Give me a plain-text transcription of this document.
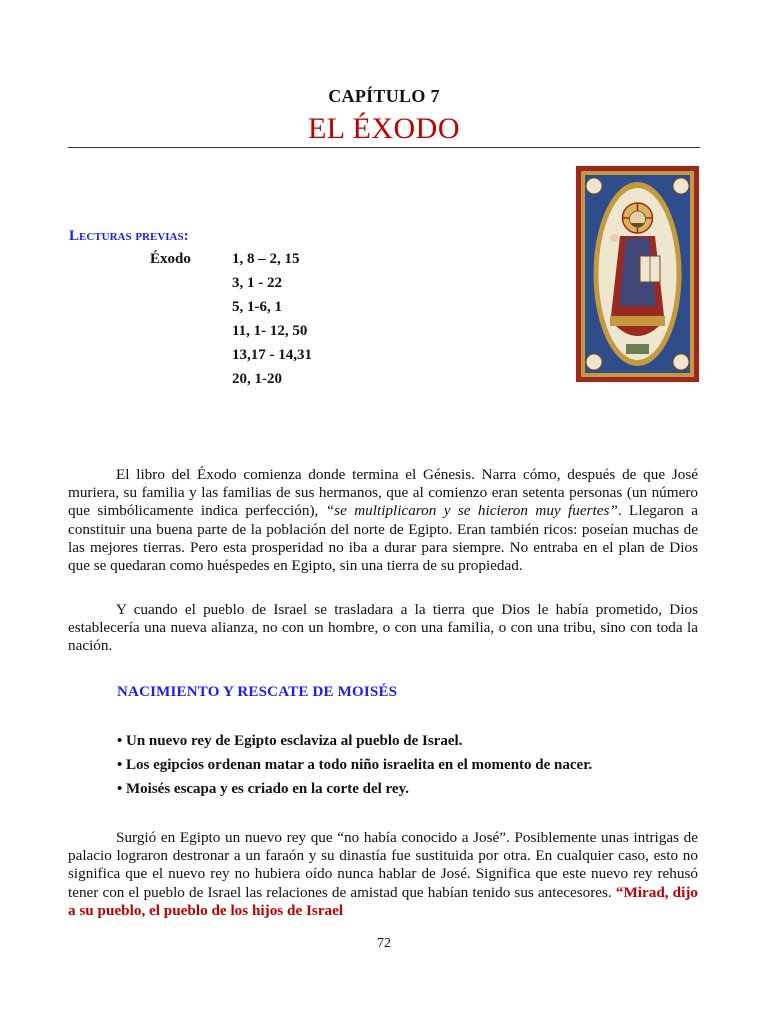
CAPÍTULO 7
EL ÉXODO
Lecturas previas:
Éxodo	1, 8 – 2, 15
3, 1 - 22
5, 1-6, 1
11, 1- 12, 50
13,17 - 14,31
20, 1-20
El libro del Éxodo comienza donde termina el Génesis. Narra cómo, después de que José muriera, su familia y las familias de sus hermanos, que al comienzo eran setenta personas (un número que simbólicamente indica perfección), “se multiplicaron y se hicieron muy fuertes”. Llegaron a constituir una buena parte de la población del norte de Egipto. Eran también ricos: poseían muchas de las mejores tierras. Pero esta prosperidad no iba a durar para siempre. No entraba en el plan de Dios que se quedaran como huéspedes en Egipto, sin una tierra de su propiedad.
Y cuando el pueblo de Israel se trasladara a la tierra que Dios le había prometido, Dios establecería una nueva alianza, no con un hombre, o con una familia, o con una tribu, sino con toda la nación.
NACIMIENTO Y RESCATE DE MOISÉS
• Un nuevo rey de Egipto esclaviza al pueblo de Israel.
• Los egipcios ordenan matar a todo niño israelita en el momento de nacer.
• Moisés escapa y es criado en la corte del rey.
Surgió en Egipto un nuevo rey que “no había conocido a José”. Posiblemente unas intrigas de palacio lograron destronar a un faraón y su dinastía fue sustituida por otra. En cualquier caso, esto no significa que el nuevo rey no hubiera oído nunca hablar de José. Significa que este nuevo rey rehusó tener con el pueblo de Israel las relaciones de amistad que habían tenido sus antecesores. “Mirad, dijo a su pueblo, el pueblo de los hijos de Israel
72
